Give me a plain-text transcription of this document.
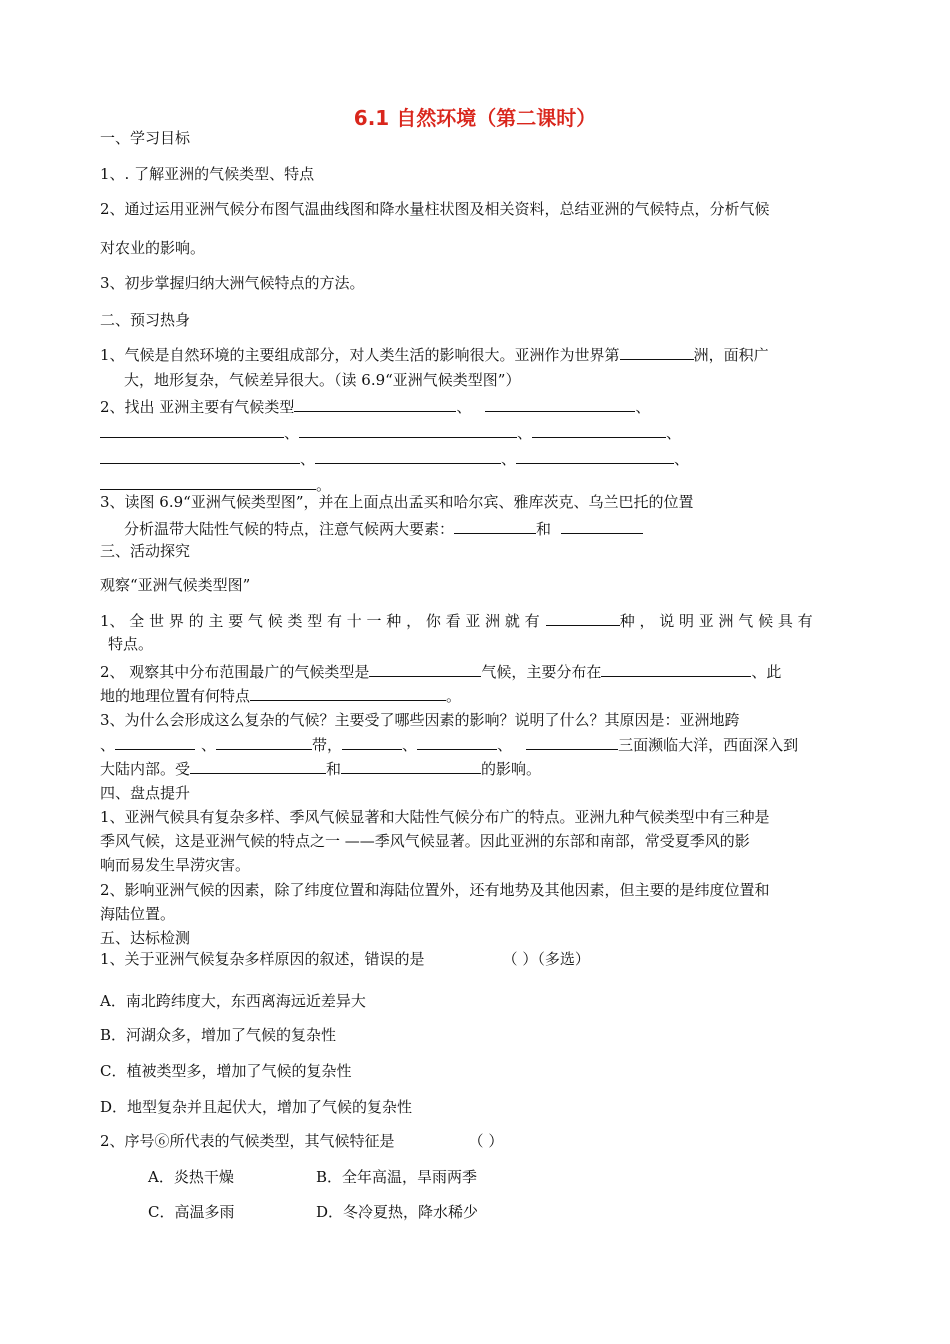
6.1 自然环境（第二课时）
一、学习目标
1、. 了解亚洲的气候类型、特点
2、通过运用亚洲气候分布图气温曲线图和降水量柱状图及相关资料，总结亚洲的气候特点，分析气候
对农业的影响。
3、初步掌握归纳大洲气候特点的方法。
二、预习热身
1、气候是自然环境的主要组成部分，对人类生活的影响很大。亚洲作为世界第	洲，面积广
大，地形复杂，气候差异很大。（读 6.9“亚洲气候类型图”）
2、找出 亚洲主要有气候类型	、	、
、	、	、
、	、	、
。
3、读图 6.9“亚洲气候类型图”，并在上面点出孟买和哈尔宾、雅库茨克、乌兰巴托的位置
分析温带大陆性气候的特点，注意气候两大要素：	和
三、活动探究
观察“亚洲气候类型图”
1、 全 世 界 的 主 要 气 候 类 型 有 十 一 种 ， 你 看 亚 洲 就 有	种 ， 说 明 亚 洲 气 候 具 有
特点。
2、 观察其中分布范围最广的气候类型是	气候，主要分布在	、此
地的地理位置有何特点	。
3、为什么会形成这么复杂的气候？主要受了哪些因素的影响？说明了什么？其原因是：亚洲地跨
、	、	带，	、	、	三面濒临大洋，西面深入到
大陆内部。受	和	的影响。
四、盘点提升
1、亚洲气候具有复杂多样、季风气候显著和大陆性气候分布广的特点。亚洲九种气候类型中有三种是
季风气候，这是亚洲气候的特点之一 ——季风气候显著。因此亚洲的东部和南部，常受夏季风的影
响而易发生旱涝灾害。
2、影响亚洲气候的因素，除了纬度位置和海陆位置外，还有地势及其他因素，但主要的是纬度位置和
海陆位置。
五、达标检测
1、关于亚洲气候复杂多样原因的叙述，错误的是	（ ）（多选）
A．南北跨纬度大，东西离海远近差异大
B．河湖众多，增加了气候的复杂性
C．植被类型多，增加了气候的复杂性
D．地型复杂并且起伏大，增加了气候的复杂性
2、序号⑥所代表的气候类型，其气候特征是	（ ）
A．炎热干燥	B．全年高温，旱雨两季
C．高温多雨	D．冬冷夏热，降水稀少
